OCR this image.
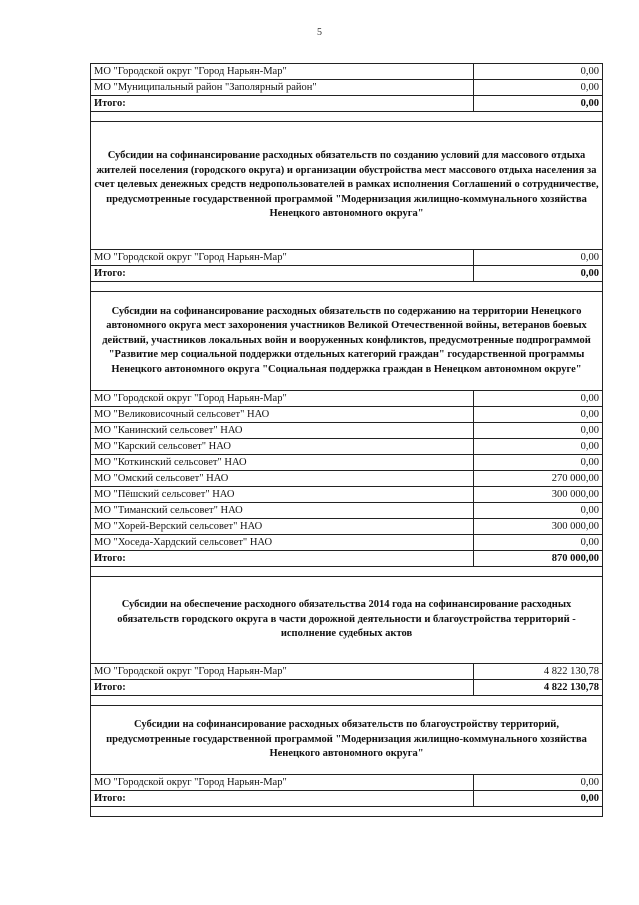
5
МО "Городской округ "Город Нарьян-Мар"	0,00
МО "Муниципальный район "Заполярный район"	0,00
Итого:	0,00

Субсидии на софинансирование расходных обязательств по созданию условий для массового отдыха жителей поселения (городского округа) и организации обустройства мест массового отдыха населения за счет целевых денежных средств недропользователей в рамках исполнения Соглашений о сотрудничестве, предусмотренные государственной программой "Модернизация жилищно-коммунального хозяйства Ненецкого автономного округа"	
МО "Городской округ "Город Нарьян-Мар"	0,00
Итого:	0,00

Субсидии на софинансирование расходных обязательств по содержанию на территории Ненецкого автономного округа мест захоронения участников Великой Отечественной войны, ветеранов боевых действий, участников локальных войн и вооруженных конфликтов, предусмотренные подпрограммой "Развитие мер социальной поддержки отдельных категорий граждан" государственной программы Ненецкого автономного округа "Социальная поддержка граждан в Ненецком автономном округе"	
МО "Городской округ "Город Нарьян-Мар"	0,00
МО "Великовисочный сельсовет" НАО	0,00
МО "Канинский сельсовет" НАО	0,00
МО "Карский сельсовет" НАО	0,00
МО "Коткинский сельсовет" НАО	0,00
МО "Омский сельсовет" НАО	270 000,00
МО "Пёшский сельсовет" НАО	300 000,00
МО "Тиманский сельсовет" НАО	0,00
МО "Хорей-Верский сельсовет" НАО	300 000,00
МО "Хоседа-Хардский сельсовет" НАО	0,00
Итого:	870 000,00

Субсидии на обеспечение расходного обязательства 2014 года на софинансирование расходных обязательств городского округа в части дорожной деятельности и благоустройства территорий - исполнение судебных актов	
МО "Городской округ "Город Нарьян-Мар"	4 822 130,78
Итого:	4 822 130,78

Субсидии на софинансирование расходных обязательств по благоустройству территорий, предусмотренные государственной программой "Модернизация жилищно-коммунального хозяйства Ненецкого автономного округа"	
МО "Городской округ "Город Нарьян-Мар"	0,00
Итого:	0,00
